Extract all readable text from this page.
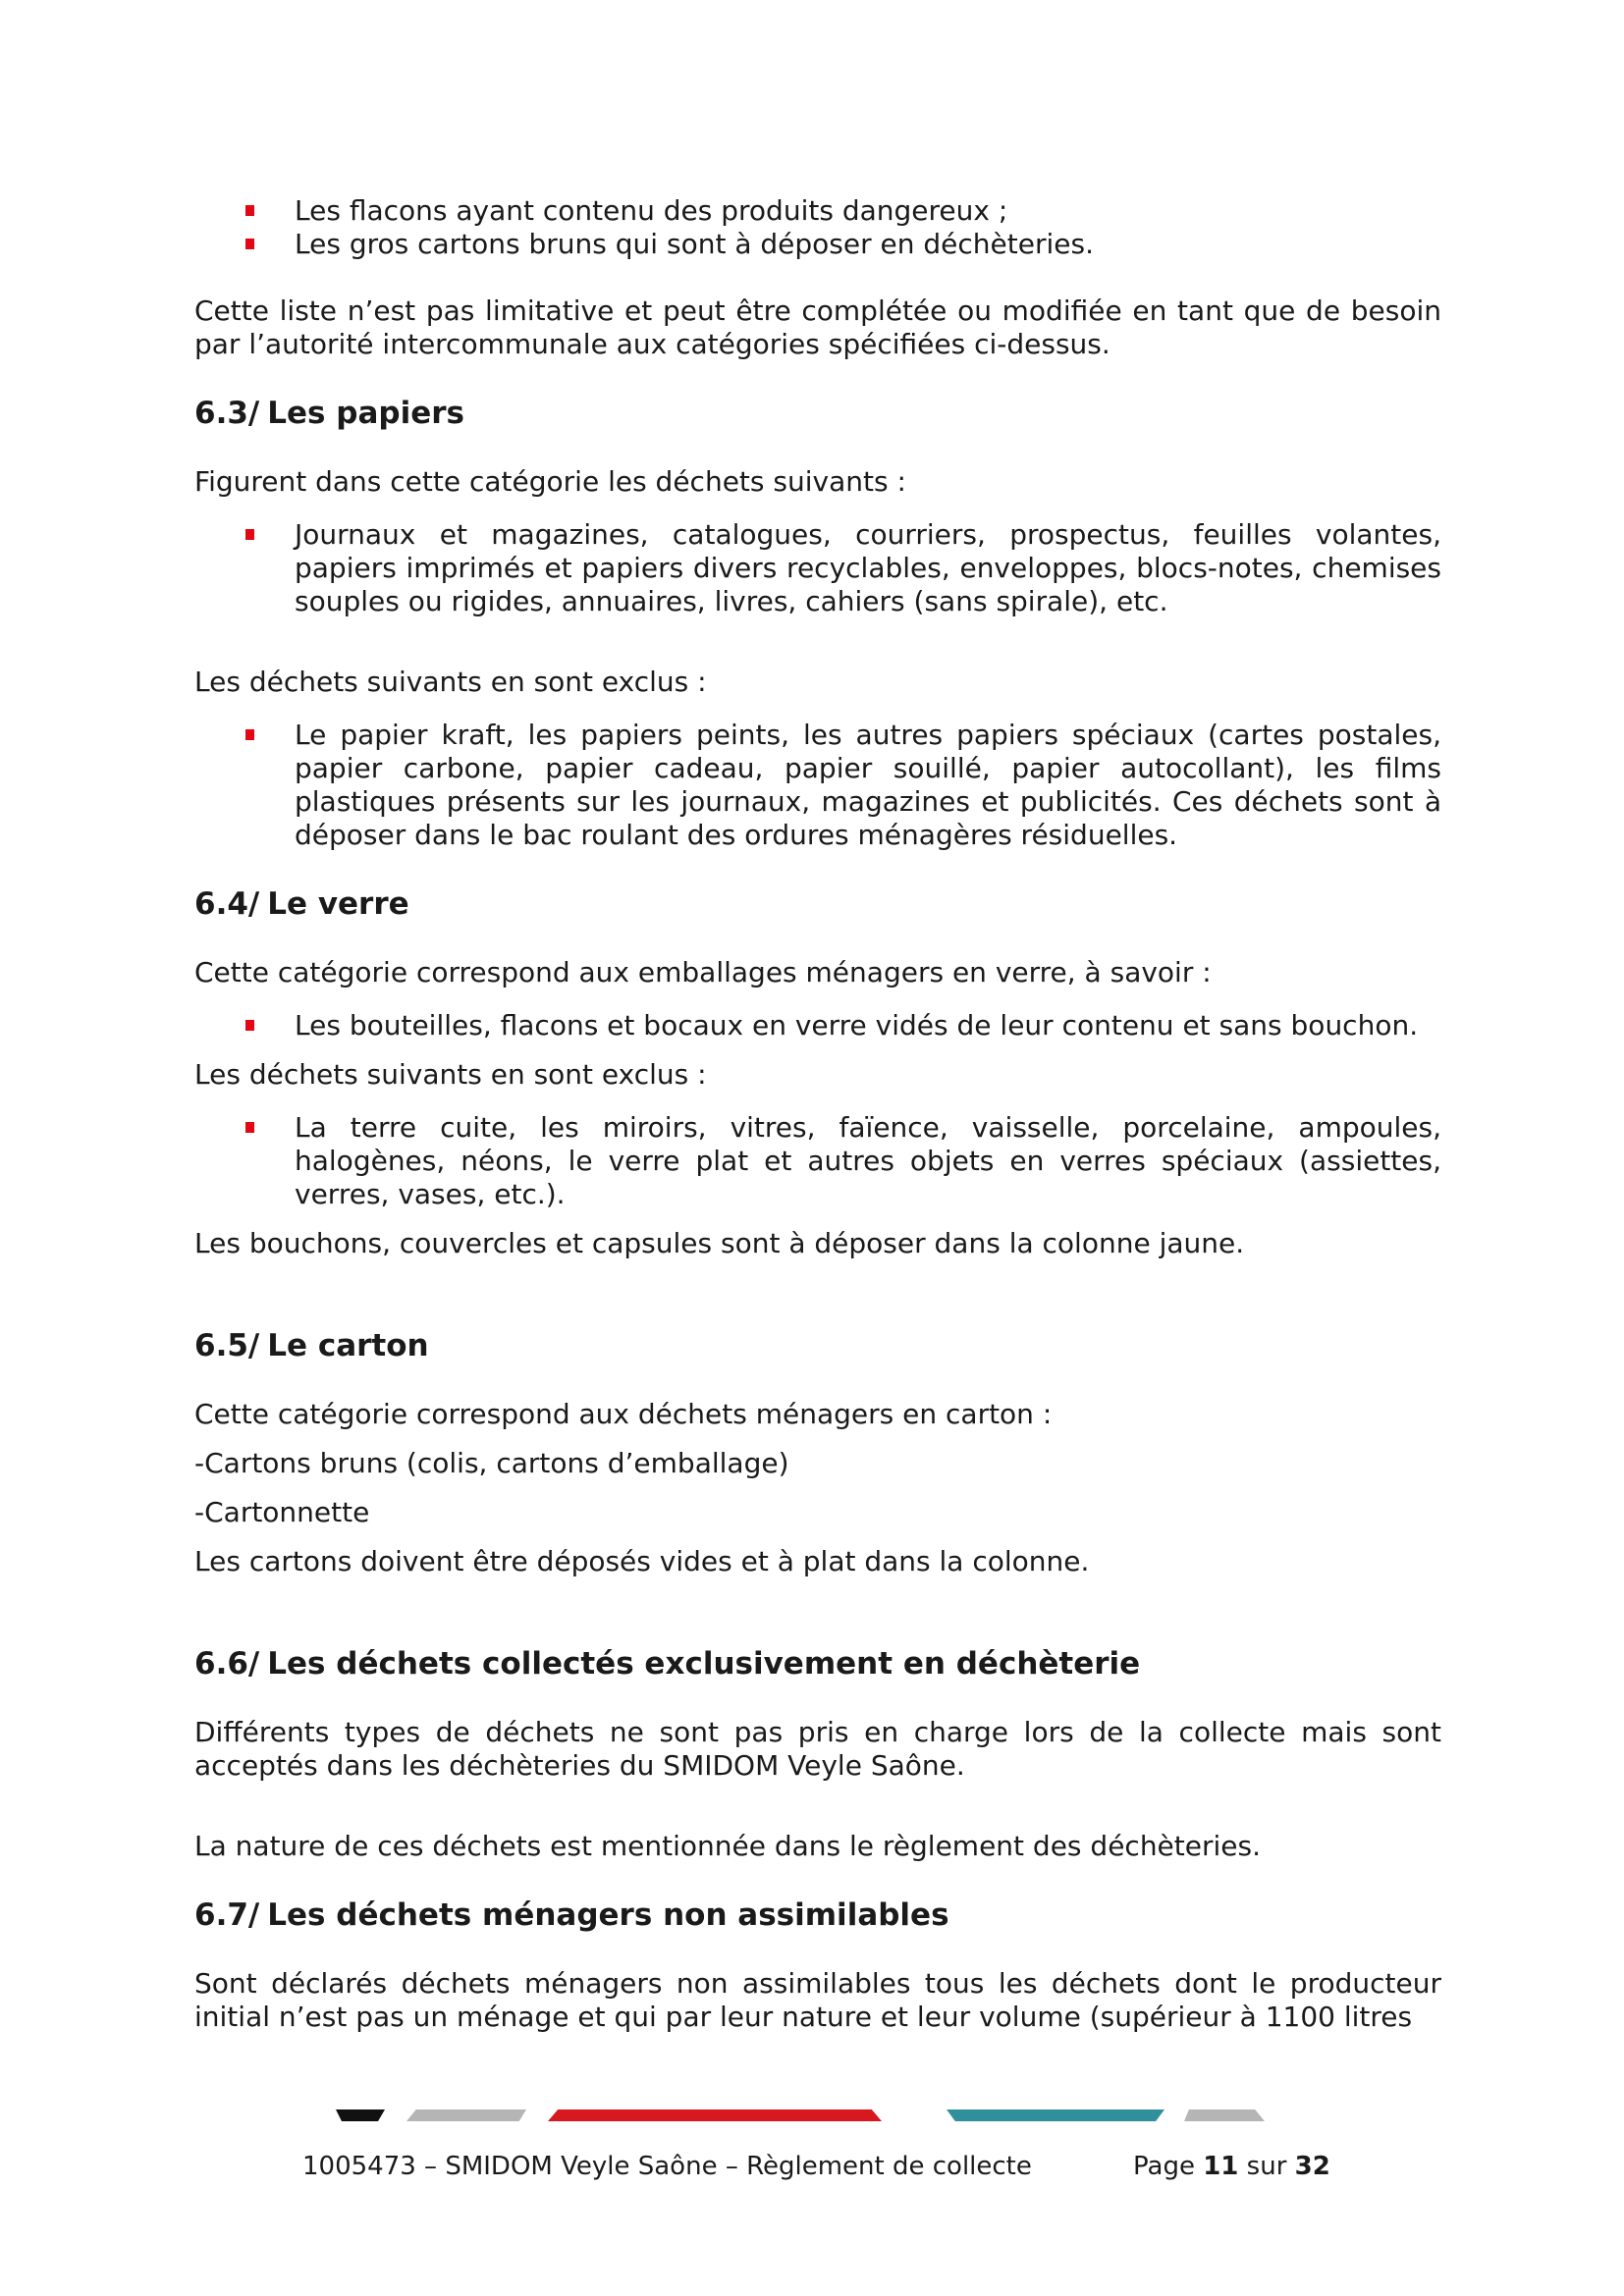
Les flacons ayant contenu des produits dangereux ;
Les gros cartons bruns qui sont à déposer en déchèteries.

Cette liste n’est pas limitative et peut être complétée ou modifiée en tant que de besoin par l’autorité intercommunale aux catégories spécifiées ci-dessus.

6.3/ Les papiers

Figurent dans cette catégorie les déchets suivants :

Journaux et magazines, catalogues, courriers, prospectus, feuilles volantes, papiers imprimés et papiers divers recyclables, enveloppes, blocs-notes, chemises souples ou rigides, annuaires, livres, cahiers (sans spirale), etc.

Les déchets suivants en sont exclus :

Le papier kraft, les papiers peints, les autres papiers spéciaux (cartes postales, papier carbone, papier cadeau, papier souillé, papier autocollant), les films plastiques présents sur les journaux, magazines et publicités. Ces déchets sont à déposer dans le bac roulant des ordures ménagères résiduelles.
6.4/ Le verre

Cette catégorie correspond aux emballages ménagers en verre, à savoir :

Les bouteilles, flacons et bocaux en verre vidés de leur contenu et sans bouchon.

Les déchets suivants en sont exclus :

La terre cuite, les miroirs, vitres, faïence, vaisselle, porcelaine, ampoules, halogènes, néons, le verre plat et autres objets en verres spéciaux (assiettes, verres, vases, etc.).

Les bouchons, couvercles et capsules sont à déposer dans la colonne jaune.

6.5/ Le carton

Cette catégorie correspond aux déchets ménagers en carton :

-Cartons bruns (colis, cartons d’emballage)

-Cartonnette

Les cartons doivent être déposés vides et à plat dans la colonne.

6.6/ Les déchets collectés exclusivement en déchèterie

Différents types de déchets ne sont pas pris en charge lors de la collecte mais sont acceptés dans les déchèteries du SMIDOM Veyle Saône.

La nature de ces déchets est mentionnée dans le règlement des déchèteries.

6.7/ Les déchets ménagers non assimilables

Sont déclarés déchets ménagers non assimilables tous les déchets dont le producteur initial n’est pas un ménage et qui par leur nature et leur volume (supérieur à 1100 litres

1005473 – SMIDOM Veyle Saône – Règlement de collecte	Page 11 sur 32
